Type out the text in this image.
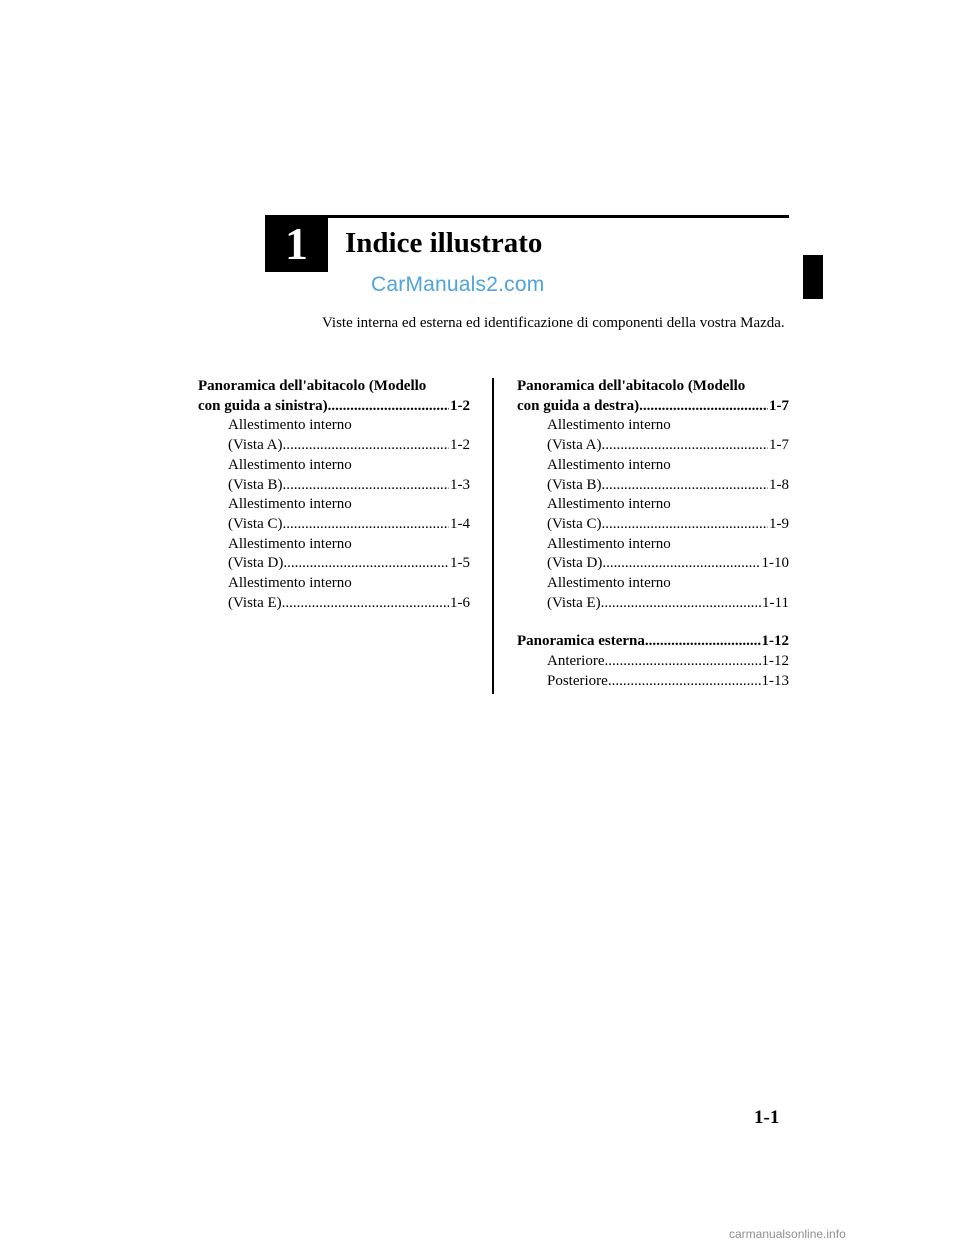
1	Indice illustrato
CarManuals2.com
Viste interna ed esterna ed identificazione di componenti della vostra Mazda.
Panoramica dell'abitacolo (Modello
con guida a sinistra) .....	1-2
Allestimento interno
(Vista A) .....	1-2
Allestimento interno
(Vista B) .....	1-3
Allestimento interno
(Vista C) .....	1-4
Allestimento interno
(Vista D) .....	1-5
Allestimento interno
(Vista E) .....	1-6
Panoramica dell'abitacolo (Modello
con guida a destra) .....	1-7
Allestimento interno
(Vista A) .....	1-7
Allestimento interno
(Vista B) .....	1-8
Allestimento interno
(Vista C) .....	1-9
Allestimento interno
(Vista D) .....	1-10
Allestimento interno
(Vista E) .....	1-11
Panoramica esterna .....	1-12
Anteriore .....	1-12
Posteriore .....	1-13
1-1
carmanualsonline.info
